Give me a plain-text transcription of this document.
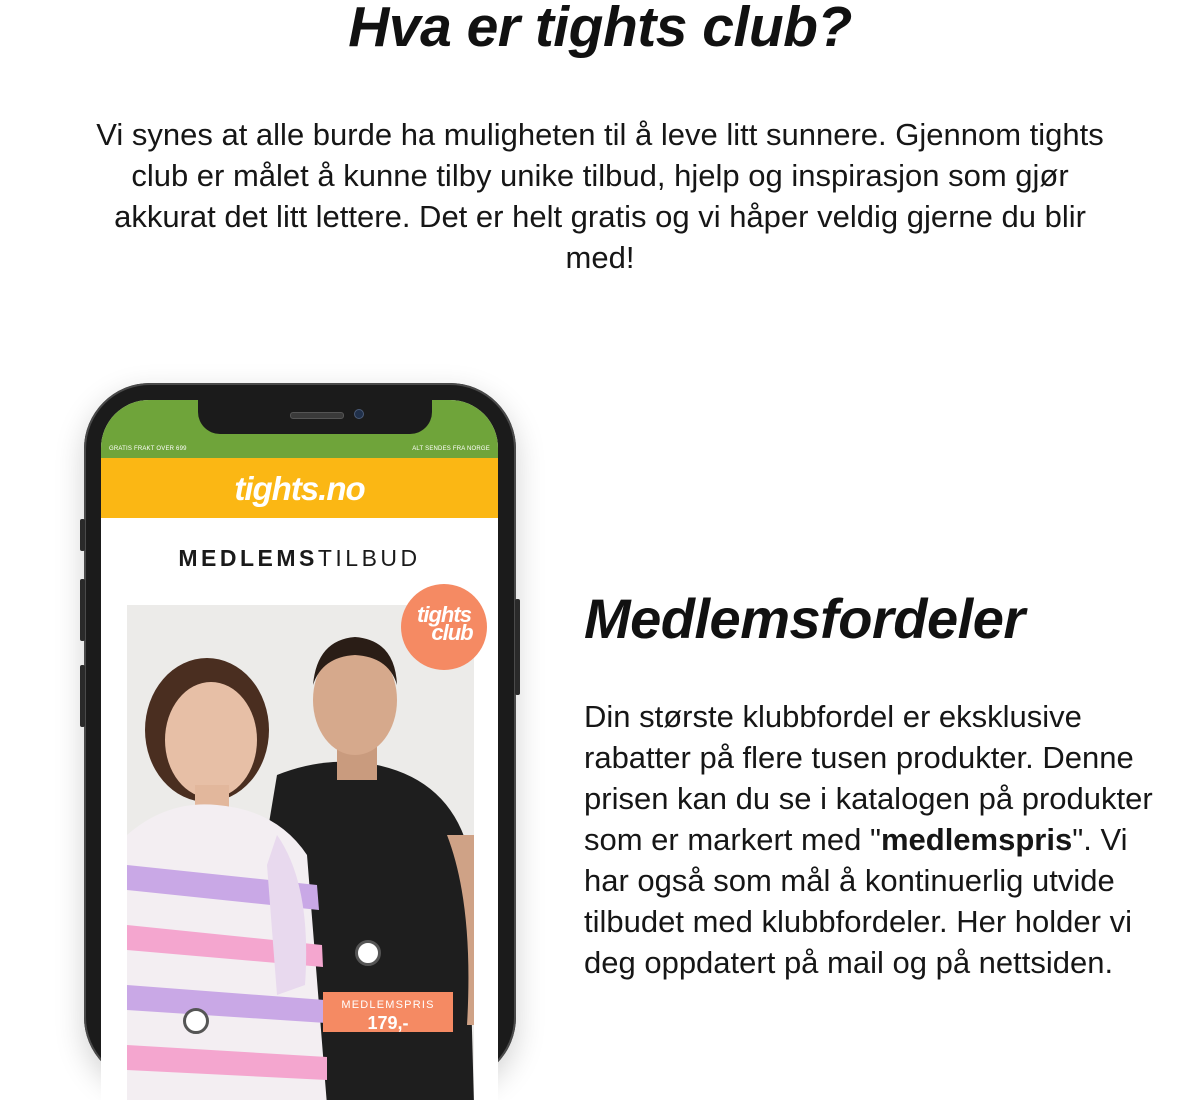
Hva er tights club?

Vi synes at alle burde ha muligheten til å leve litt sunnere. Gjennom tights club er målet å kunne tilby unike tilbud, hjelp og inspirasjon som gjør akkurat det litt lettere. Det er helt gratis og vi håper veldig gjerne du blir med!

GRATIS FRAKT OVER 699	ALT SENDES FRA NORGE
tights.no
MEDLEMSTILBUD
tights
club
MEDLEMSPRIS
179,-
Medlemsfordeler

Din største klubbfordel er eksklusive rabatter på flere tusen produkter. Denne prisen kan du se i katalogen på produkter som er markert med "medlemspris". Vi har også som mål å kontinuerlig utvide tilbudet med klubbfordeler. Her holder vi deg oppdatert på mail og på nettsiden.
